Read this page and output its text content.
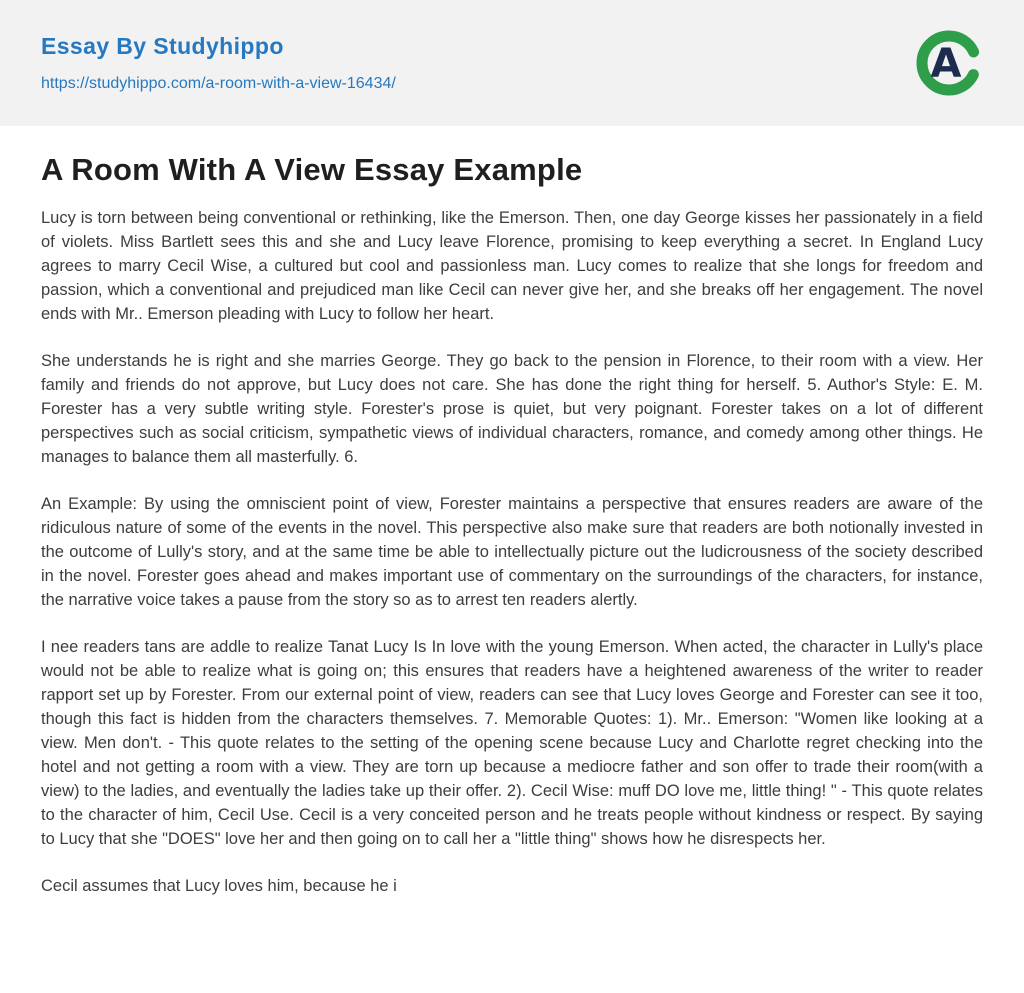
Essay By Studyhippo
https://studyhippo.com/a-room-with-a-view-16434/	A
A Room With A View Essay Example

Lucy is torn between being conventional or rethinking, like the Emerson. Then, one day George kisses her passionately in a field of violets. Miss Bartlett sees this and she and Lucy leave Florence, promising to keep everything a secret. In England Lucy agrees to marry Cecil Wise, a cultured but cool and passionless man. Lucy comes to realize that she longs for freedom and passion, which a conventional and prejudiced man like Cecil can never give her, and she breaks off her engagement. The novel ends with Mr.. Emerson pleading with Lucy to follow her heart.

She understands he is right and she marries George. They go back to the pension in Florence, to their room with a view. Her family and friends do not approve, but Lucy does not care. She has done the right thing for herself. 5. Author's Style: E. M. Forester has a very subtle writing style. Forester's prose is quiet, but very poignant. Forester takes on a lot of different perspectives such as social criticism, sympathetic views of individual characters, romance, and comedy among other things. He manages to balance them all masterfully. 6.

An Example: By using the omniscient point of view, Forester maintains a perspective that ensures readers are aware of the ridiculous nature of some of the events in the novel. This perspective also make sure that readers are both notionally invested in the outcome of Lully's story, and at the same time be able to intellectually picture out the ludicrousness of the society described in the novel. Forester goes ahead and makes important use of commentary on the surroundings of the characters, for instance, the narrative voice takes a pause from the story so as to arrest ten readers alertly.

I nee readers tans are addle to realize Tanat Lucy Is In love with the young Emerson. When acted, the character in Lully's place would not be able to realize what is going on; this ensures that readers have a heightened awareness of the writer to reader rapport set up by Forester. From our external point of view, readers can see that Lucy loves George and Forester can see it too, though this fact is hidden from the characters themselves. 7. Memorable Quotes: 1). Mr.. Emerson: "Women like looking at a view. Men don't. - This quote relates to the setting of the opening scene because Lucy and Charlotte regret checking into the hotel and not getting a room with a view. They are torn up because a mediocre father and son offer to trade their room(with a view) to the ladies, and eventually the ladies take up their offer. 2). Cecil Wise: muff DO love me, little thing! " - This quote relates to the character of him, Cecil Use. Cecil is a very conceited person and he treats people without kindness or respect. By saying to Lucy that she "DOES" love her and then going on to call her a "little thing" shows how he disrespects her.

Cecil assumes that Lucy loves him, because he i
